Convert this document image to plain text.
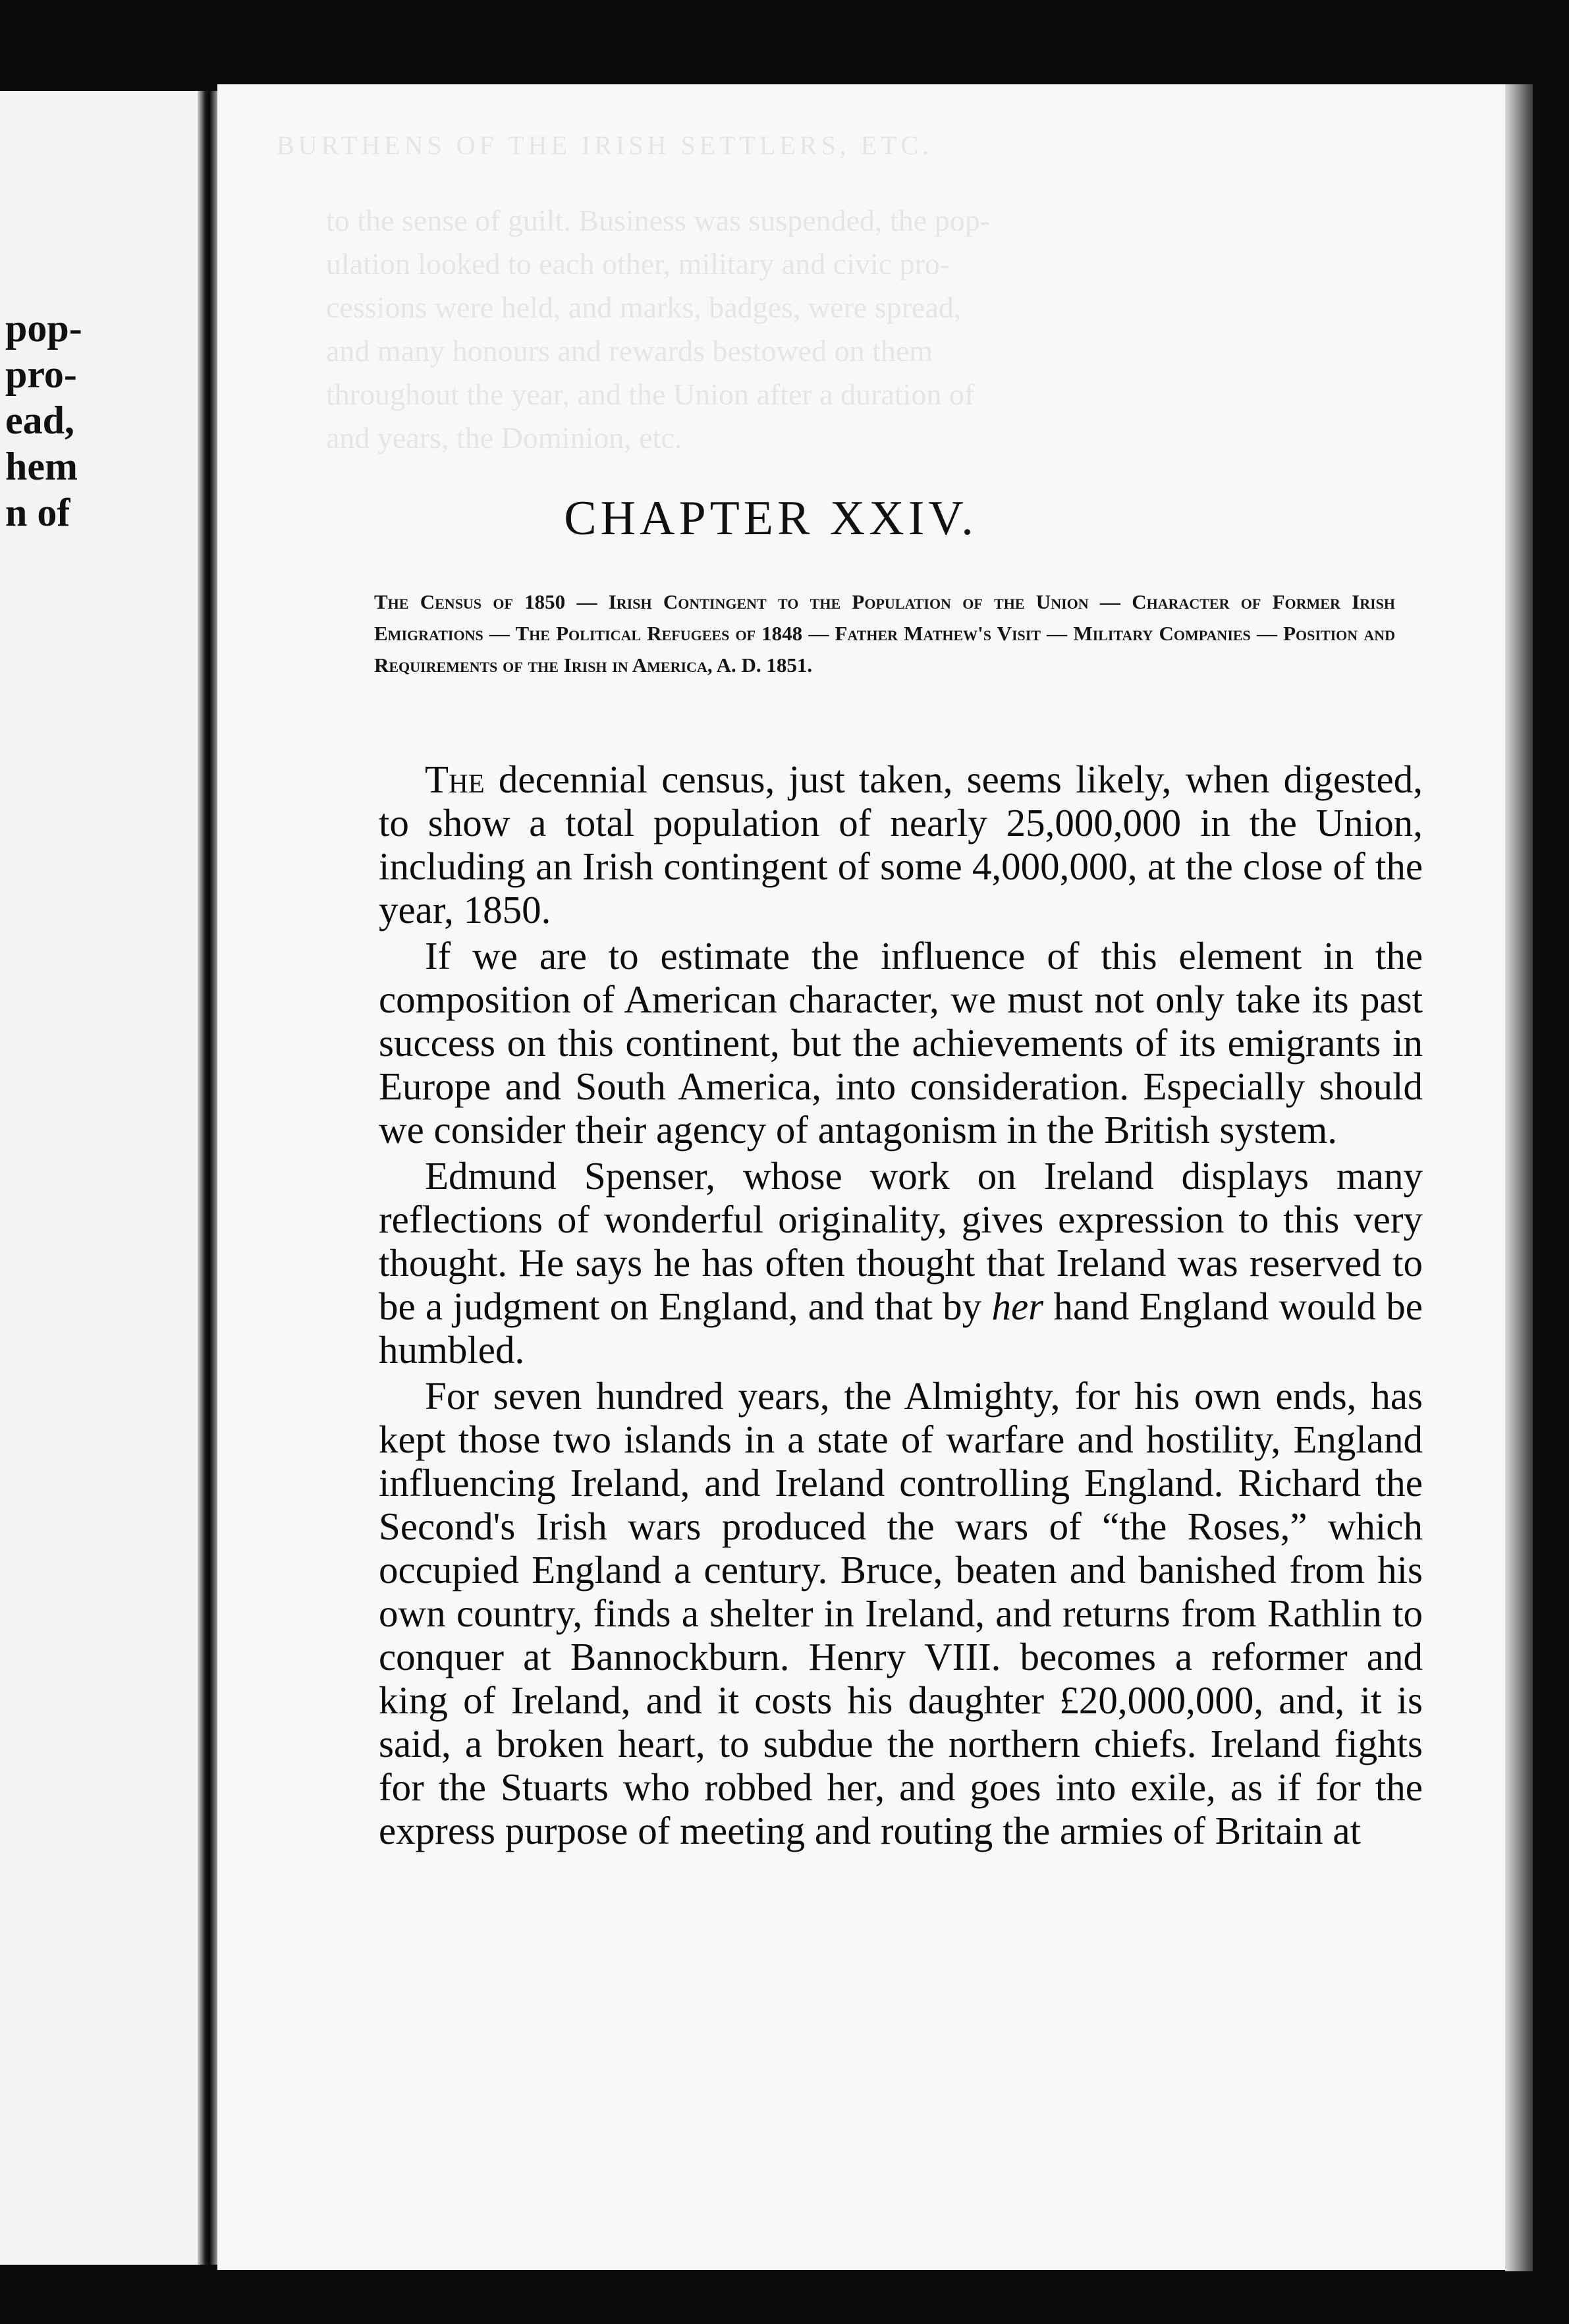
pop-
pro-
ead,
hem
n of
BURTHENS OF THE IRISH SETTLERS, ETC.
to the sense of guilt. Business was suspended, the pop-
ulation looked to each other, military and civic pro-
cessions were held, and marks, badges, were spread,
and many honours and rewards bestowed on them
throughout the year, and the Union after a duration of
and years, the Dominion, etc.
CHAPTER XXIV.
The Census of 1850 — Irish Contingent to the Population of the Union — Character of Former Irish Emigrations — The Political Refugees of 1848 — Father Mathew's Visit — Military Companies — Position and Requirements of the Irish in America, A. D. 1851.

The decennial census, just taken, seems likely, when digested, to show a total population of nearly 25,000,000 in the Union, including an Irish contingent of some 4,000,000, at the close of the year, 1850.

If we are to estimate the influence of this element in the composition of American character, we must not only take its past success on this continent, but the achievements of its emigrants in Europe and South America, into consideration. Especially should we consider their agency of antagonism in the British system.

Edmund Spenser, whose work on Ireland displays many reflections of wonderful originality, gives expression to this very thought. He says he has often thought that Ireland was reserved to be a judgment on England, and that by her hand England would be humbled.

For seven hundred years, the Almighty, for his own ends, has kept those two islands in a state of warfare and hostility, England influencing Ireland, and Ireland controlling England. Richard the Second's Irish wars produced the wars of “the Roses,” which occupied England a century. Bruce, beaten and banished from his own country, finds a shelter in Ireland, and returns from Rathlin to conquer at Bannockburn. Henry VIII. becomes a reformer and king of Ireland, and it costs his daughter £20,000,000, and, it is said, a broken heart, to subdue the northern chiefs. Ireland fights for the Stuarts who robbed her, and goes into exile, as if for the express purpose of meeting and routing the armies of Britain at
